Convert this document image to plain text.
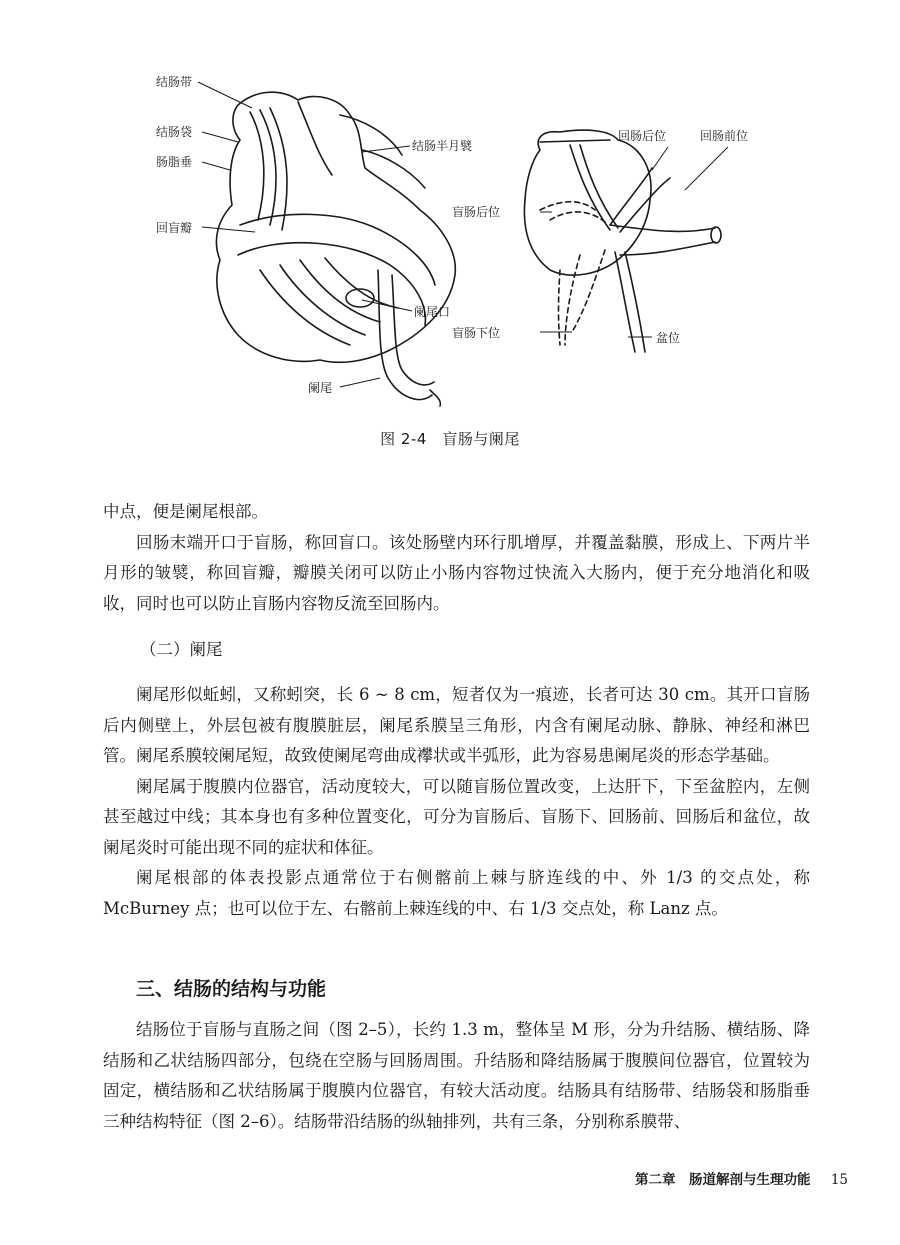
结肠带
结肠袋
肠脂垂
回盲瓣
结肠半月襞
阑尾口
阑尾
回肠后位	回肠前位
盲肠后位
盲肠下位	盆位
图 2-4　盲肠与阑尾

中点，便是阑尾根部。

回肠末端开口于盲肠，称回盲口。该处肠壁内环行肌增厚，并覆盖黏膜，形成上、下两片半月形的皱襞，称回盲瓣，瓣膜关闭可以防止小肠内容物过快流入大肠内，便于充分地消化和吸收，同时也可以防止盲肠内容物反流至回肠内。

（二）阑尾

阑尾形似蚯蚓，又称蚓突，长 6 ~ 8 cm，短者仅为一痕迹，长者可达 30 cm。其开口盲肠后内侧壁上，外层包被有腹膜脏层，阑尾系膜呈三角形，内含有阑尾动脉、静脉、神经和淋巴管。阑尾系膜较阑尾短，故致使阑尾弯曲成襻状或半弧形，此为容易患阑尾炎的形态学基础。

阑尾属于腹膜内位器官，活动度较大，可以随盲肠位置改变，上达肝下，下至盆腔内，左侧甚至越过中线；其本身也有多种位置变化，可分为盲肠后、盲肠下、回肠前、回肠后和盆位，故阑尾炎时可能出现不同的症状和体征。

阑尾根部的体表投影点通常位于右侧髂前上棘与脐连线的中、外 1/3 的交点处，称 McBurney 点；也可以位于左、右髂前上棘连线的中、右 1/3 交点处，称 Lanz 点。

三、结肠的结构与功能

结肠位于盲肠与直肠之间（图 2–5），长约 1.3 m，整体呈 M 形，分为升结肠、横结肠、降结肠和乙状结肠四部分，包绕在空肠与回肠周围。升结肠和降结肠属于腹膜间位器官，位置较为固定，横结肠和乙状结肠属于腹膜内位器官，有较大活动度。结肠具有结肠带、结肠袋和肠脂垂三种结构特征（图 2–6）。结肠带沿结肠的纵轴排列，共有三条，分别称系膜带、

第二章　肠道解剖与生理功能 15
